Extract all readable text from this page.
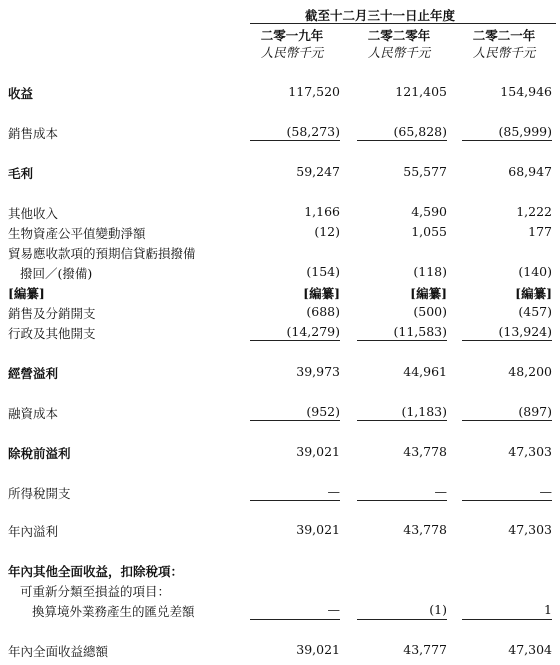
截至十二月三十一日止年度
二零一九年	二零二零年	二零二一年
人民幣千元	人民幣千元	人民幣千元
收益	117,520	121,405	154,946
銷售成本	(58,273)	(65,828)	(85,999)
毛利	59,247	55,577	68,947
其他收入	1,166	4,590	1,222
生物資產公平值變動淨額	(12)	1,055	177
貿易應收款項的預期信貸虧損撥備
撥回／(撥備)	(154)	(118)	(140)
[編纂]	[編纂]	[編纂]	[編纂]
銷售及分銷開支	(688)	(500)	(457)
行政及其他開支	(14,279)	(11,583)	(13,924)
經營溢利	39,973	44,961	48,200
融資成本	(952)	(1,183)	(897)
除稅前溢利	39,021	43,778	47,303
所得稅開支	—	—	—
年內溢利	39,021	43,778	47,303
年內其他全面收益，扣除稅項：
可重新分類至損益的項目：
換算境外業務產生的匯兑差額	—	(1)	1
年內全面收益總額	39,021	43,777	47,304
